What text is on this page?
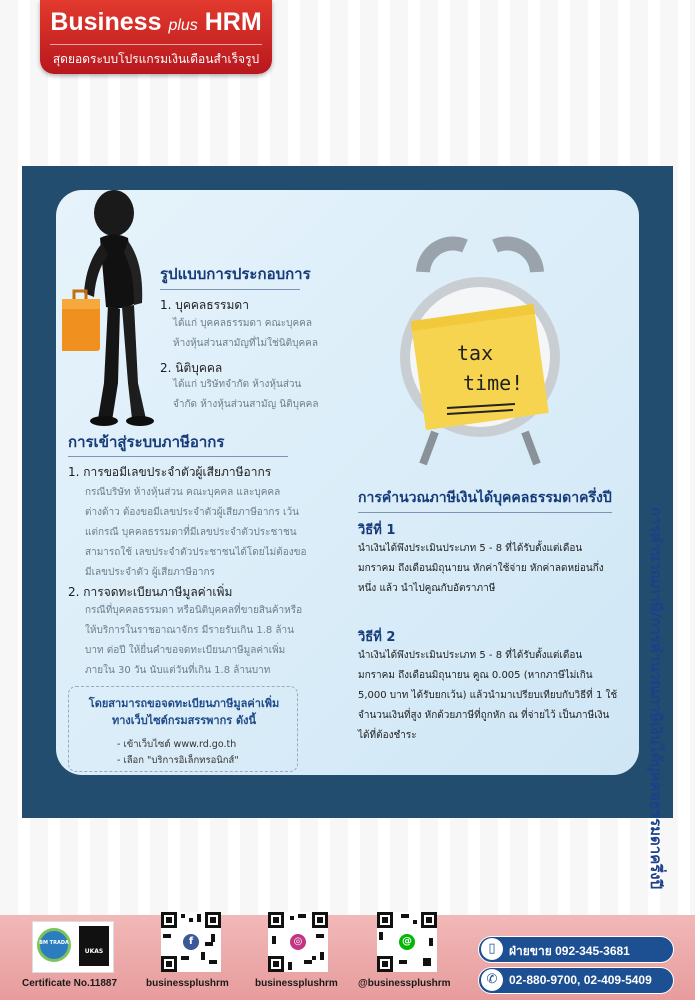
Business plus HRM
สุดยอดระบบโปรแกรมเงินเดือนสำเร็จรูป
การคำนวณภาษี/การคำนวณภาษีเงินได้บุคคลธรรมดาครึ่งปี
รูปแบบการประกอบการ
1. บุคคลธรรมดา
ได้แก่ บุคคลธรรมดา คณะบุคคล ห้างหุ้นส่วนสามัญที่ไม่ใช่นิติบุคคล
2. นิติบุคคล
ได้แก่ บริษัทจำกัด ห้างหุ้นส่วนจำกัด ห้างหุ้นส่วนสามัญ นิติบุคคล
การเข้าสู่ระบบภาษีอากร
1. การขอมีเลขประจำตัวผู้เสียภาษีอากร
กรณีบริษัท ห้างหุ้นส่วน คณะบุคคล และบุคคลต่างด้าว ต้องขอมีเลขประจำตัวผู้เสียภาษีอากร เว้นแต่กรณี บุคคลธรรมดาที่มีเลขประจำตัวประชาชน สามารถใช้ เลขประจำตัวประชาชนได้โดยไม่ต้องขอมีเลขประจำตัว ผู้เสียภาษีอากร
2. การจดทะเบียนภาษีมูลค่าเพิ่ม
กรณีที่บุคคลธรรมดา หรือนิติบุคคลที่ขายสินค้าหรือ ให้บริการในราชอาณาจักร มีรายรับเกิน 1.8 ล้านบาท ต่อปี ให้ยื่นคำขอจดทะเบียนภาษีมูลค่าเพิ่มภายใน 30 วัน นับแต่วันที่เกิน 1.8 ล้านบาท
โดยสามารถขอจดทะเบียนภาษีมูลค่าเพิ่ม
ทางเว็บไซต์กรมสรรพากร ดังนี้
- เข้าเว็บไซต์ www.rd.go.th
- เลือก "บริการอิเล็กทรอนิกส์"
tax
time!
การคำนวณภาษีเงินได้บุคคลธรรมดาครึ่งปี
วิธีที่ 1
นำเงินได้พึงประเมินประเภท 5 - 8 ที่ได้รับตั้งแต่เดือนมกราคม ถึงเดือนมิถุนายน หักค่าใช้จ่าย หักค่าลดหย่อนกึ่งหนึ่ง แล้ว นำไปคูณกับอัตราภาษี
วิธีที่ 2
นำเงินได้พึงประเมินประเภท 5 - 8 ที่ได้รับตั้งแต่เดือนมกราคม ถึงเดือนมิถุนายน คูณ 0.005 (หากภาษีไม่เกิน 5,000 บาท ได้รับยกเว้น) แล้วนำมาเปรียบเทียบกับวิธีที่ 1 ใช้จำนวนเงินที่สูง หักด้วยภาษีที่ถูกหัก ณ ที่จ่ายไว้ เป็นภาษีเงินได้ที่ต้องชำระ
BM TRADA
UKAS
Certificate No.11887
f
businessplushrm
◎
businessplushrm
@
@businessplushrm
▯	ฝ่ายขาย 092-345-3681
✆ 02-880-9700, 02-409-5409
